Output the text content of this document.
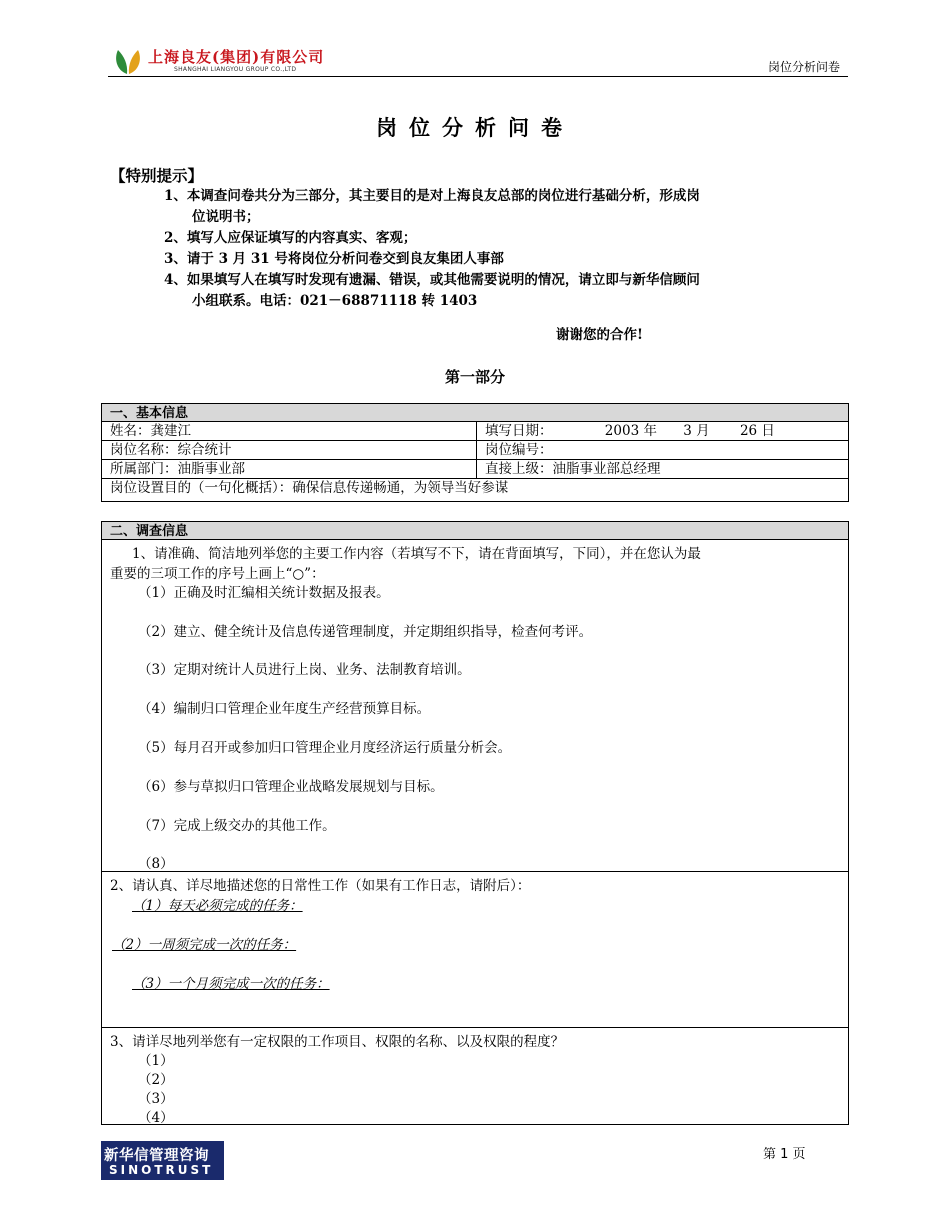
上海良友(集团)有限公司
SHANGHAI LIANGYOU GROUP CO.,LTD	岗位分析问卷
岗位分析问卷
【特别提示】
1、本调查问卷共分为三部分，其主要目的是对上海良友总部的岗位进行基础分析，形成岗
位说明书；
2、填写人应保证填写的内容真实、客观；
3、请于 3 月 31 号将岗位分析问卷交到良友集团人事部
4、如果填写人在填写时发现有遗漏、错误，或其他需要说明的情况，请立即与新华信顾问
小组联系。电话：021－68871118 转 1403
谢谢您的合作!
第一部分
一、基本信息
姓名：龚建江	填写日期：	2003 年 3 月 26 日
岗位名称：综合统计	岗位编号：
所属部门：油脂事业部	直接上级：油脂事业部总经理
岗位设置目的（一句化概括）：确保信息传递畅通，为领导当好参谋
二、调查信息
1、请准确、简洁地列举您的主要工作内容（若填写不下，请在背面填写，下同），并在您认为最
重要的三项工作的序号上画上“○”：
（1）正确及时汇编相关统计数据及报表。
（2）建立、健全统计及信息传递管理制度，并定期组织指导，检查何考评。
（3）定期对统计人员进行上岗、业务、法制教育培训。
（4）编制归口管理企业年度生产经营预算目标。
（5）每月召开或参加归口管理企业月度经济运行质量分析会。
（6）参与草拟归口管理企业战略发展规划与目标。
（7）完成上级交办的其他工作。
（8）
2、请认真、详尽地描述您的日常性工作（如果有工作日志，请附后）：
（1）每天必须完成的任务：
（2）一周须完成一次的任务：
（3）一个月须完成一次的任务：
3、请详尽地列举您有一定权限的工作项目、权限的名称、以及权限的程度？
（1）
（2）
（3）
（4）
新华信管理咨询
SINOTRUST
第 1 页
